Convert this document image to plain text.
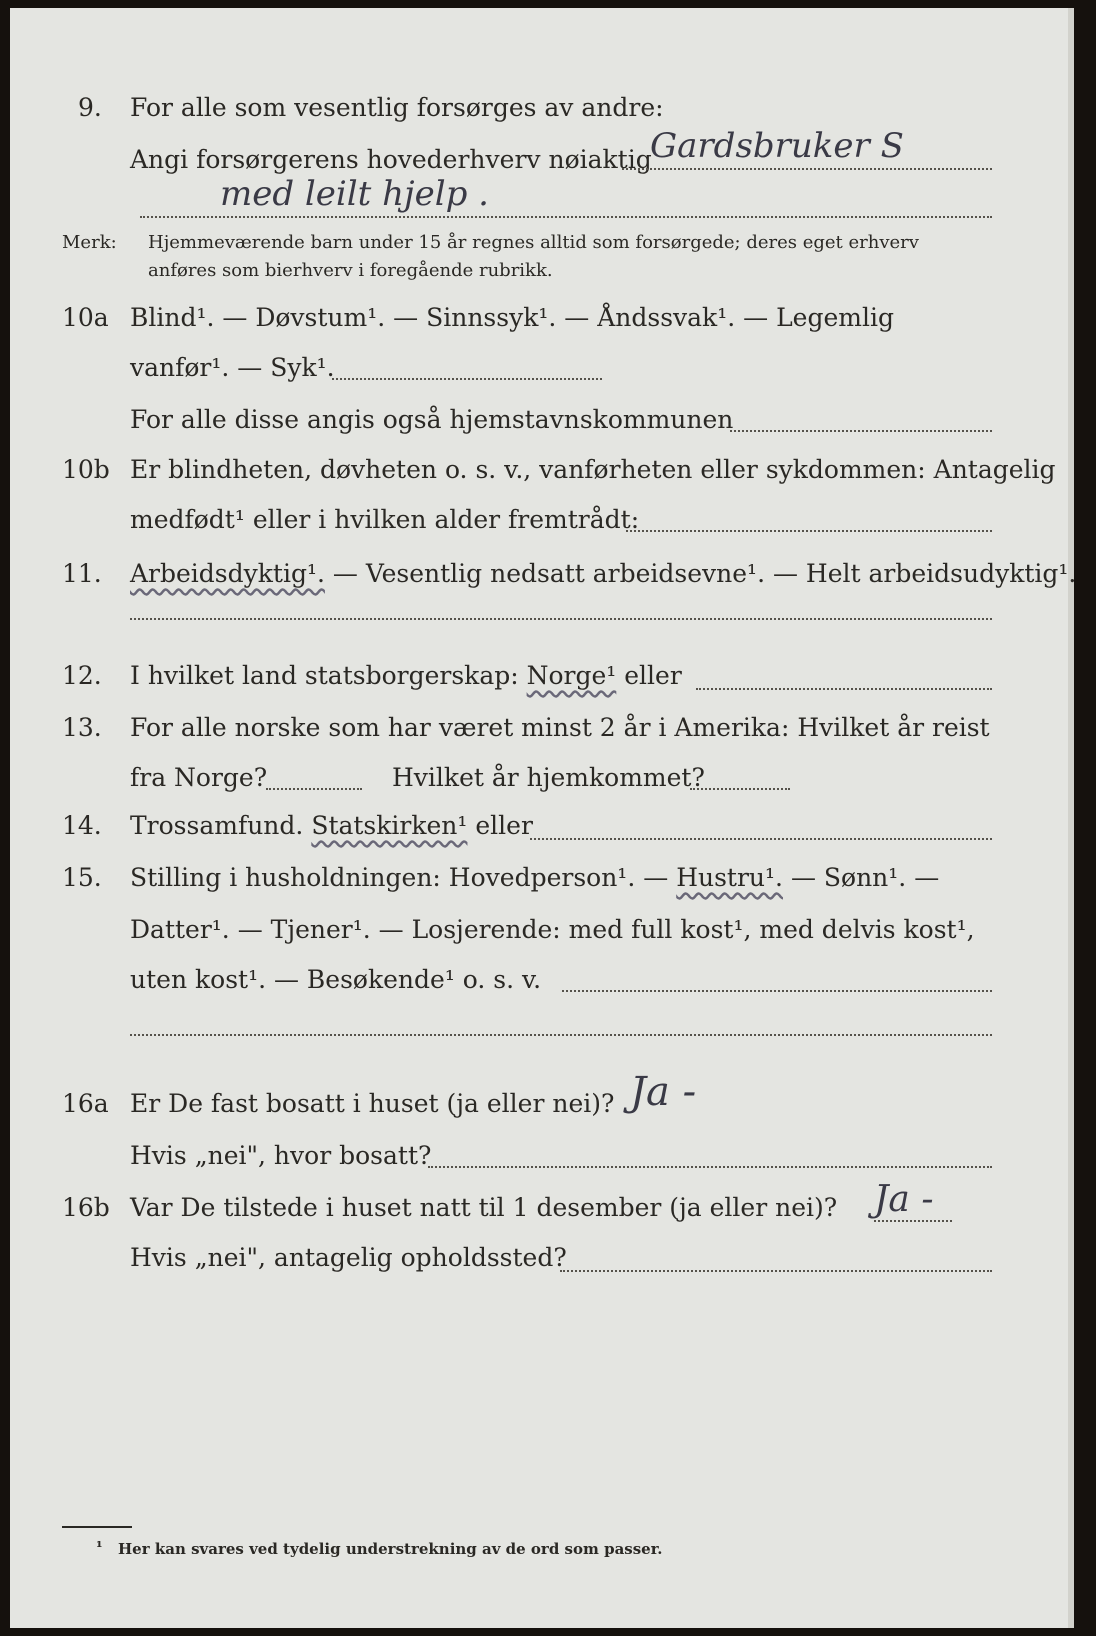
9. For alle som vesentlig forsørges av andre:
Angi forsørgerens hovederhverv nøiaktig
Gardsbruker S
med leilt hjelp .
Merk: Hjemmeværende barn under 15 år regnes alltid som forsørgede; deres eget erhverv
anføres som bierhverv i foregående rubrikk.
10a Blind¹. — Døvstum¹. — Sinnssyk¹. — Åndssvak¹. — Legemlig
vanfør¹. — Syk¹.
For alle disse angis også hjemstavnskommunen
10b Er blindheten, døvheten o. s. v., vanførheten eller sykdommen: Antagelig
medfødt¹ eller i hvilken alder fremtrådt:
11. Arbeidsdyktig¹. — Vesentlig nedsatt arbeidsevne¹. — Helt arbeidsudyktig¹.
12. I hvilket land statsborgerskap: Norge¹ eller
13. For alle norske som har været minst 2 år i Amerika: Hvilket år reist
fra Norge?	Hvilket år hjemkommet?
14. Trossamfund. Statskirken¹ eller
15. Stilling i husholdningen: Hovedperson¹. — Hustru¹. — Sønn¹. —
Datter¹. — Tjener¹. — Losjerende: med full kost¹, med delvis kost¹,
uten kost¹. — Besøkende¹ o. s. v.
16a Er De fast bosatt i huset (ja eller nei)? Ja -
Hvis „nei", hvor bosatt?
16b Var De tilstede i huset natt til 1 desember (ja eller nei)? Ja -
Hvis „nei", antagelig opholdssted?
¹ Her kan svares ved tydelig understrekning av de ord som passer.
